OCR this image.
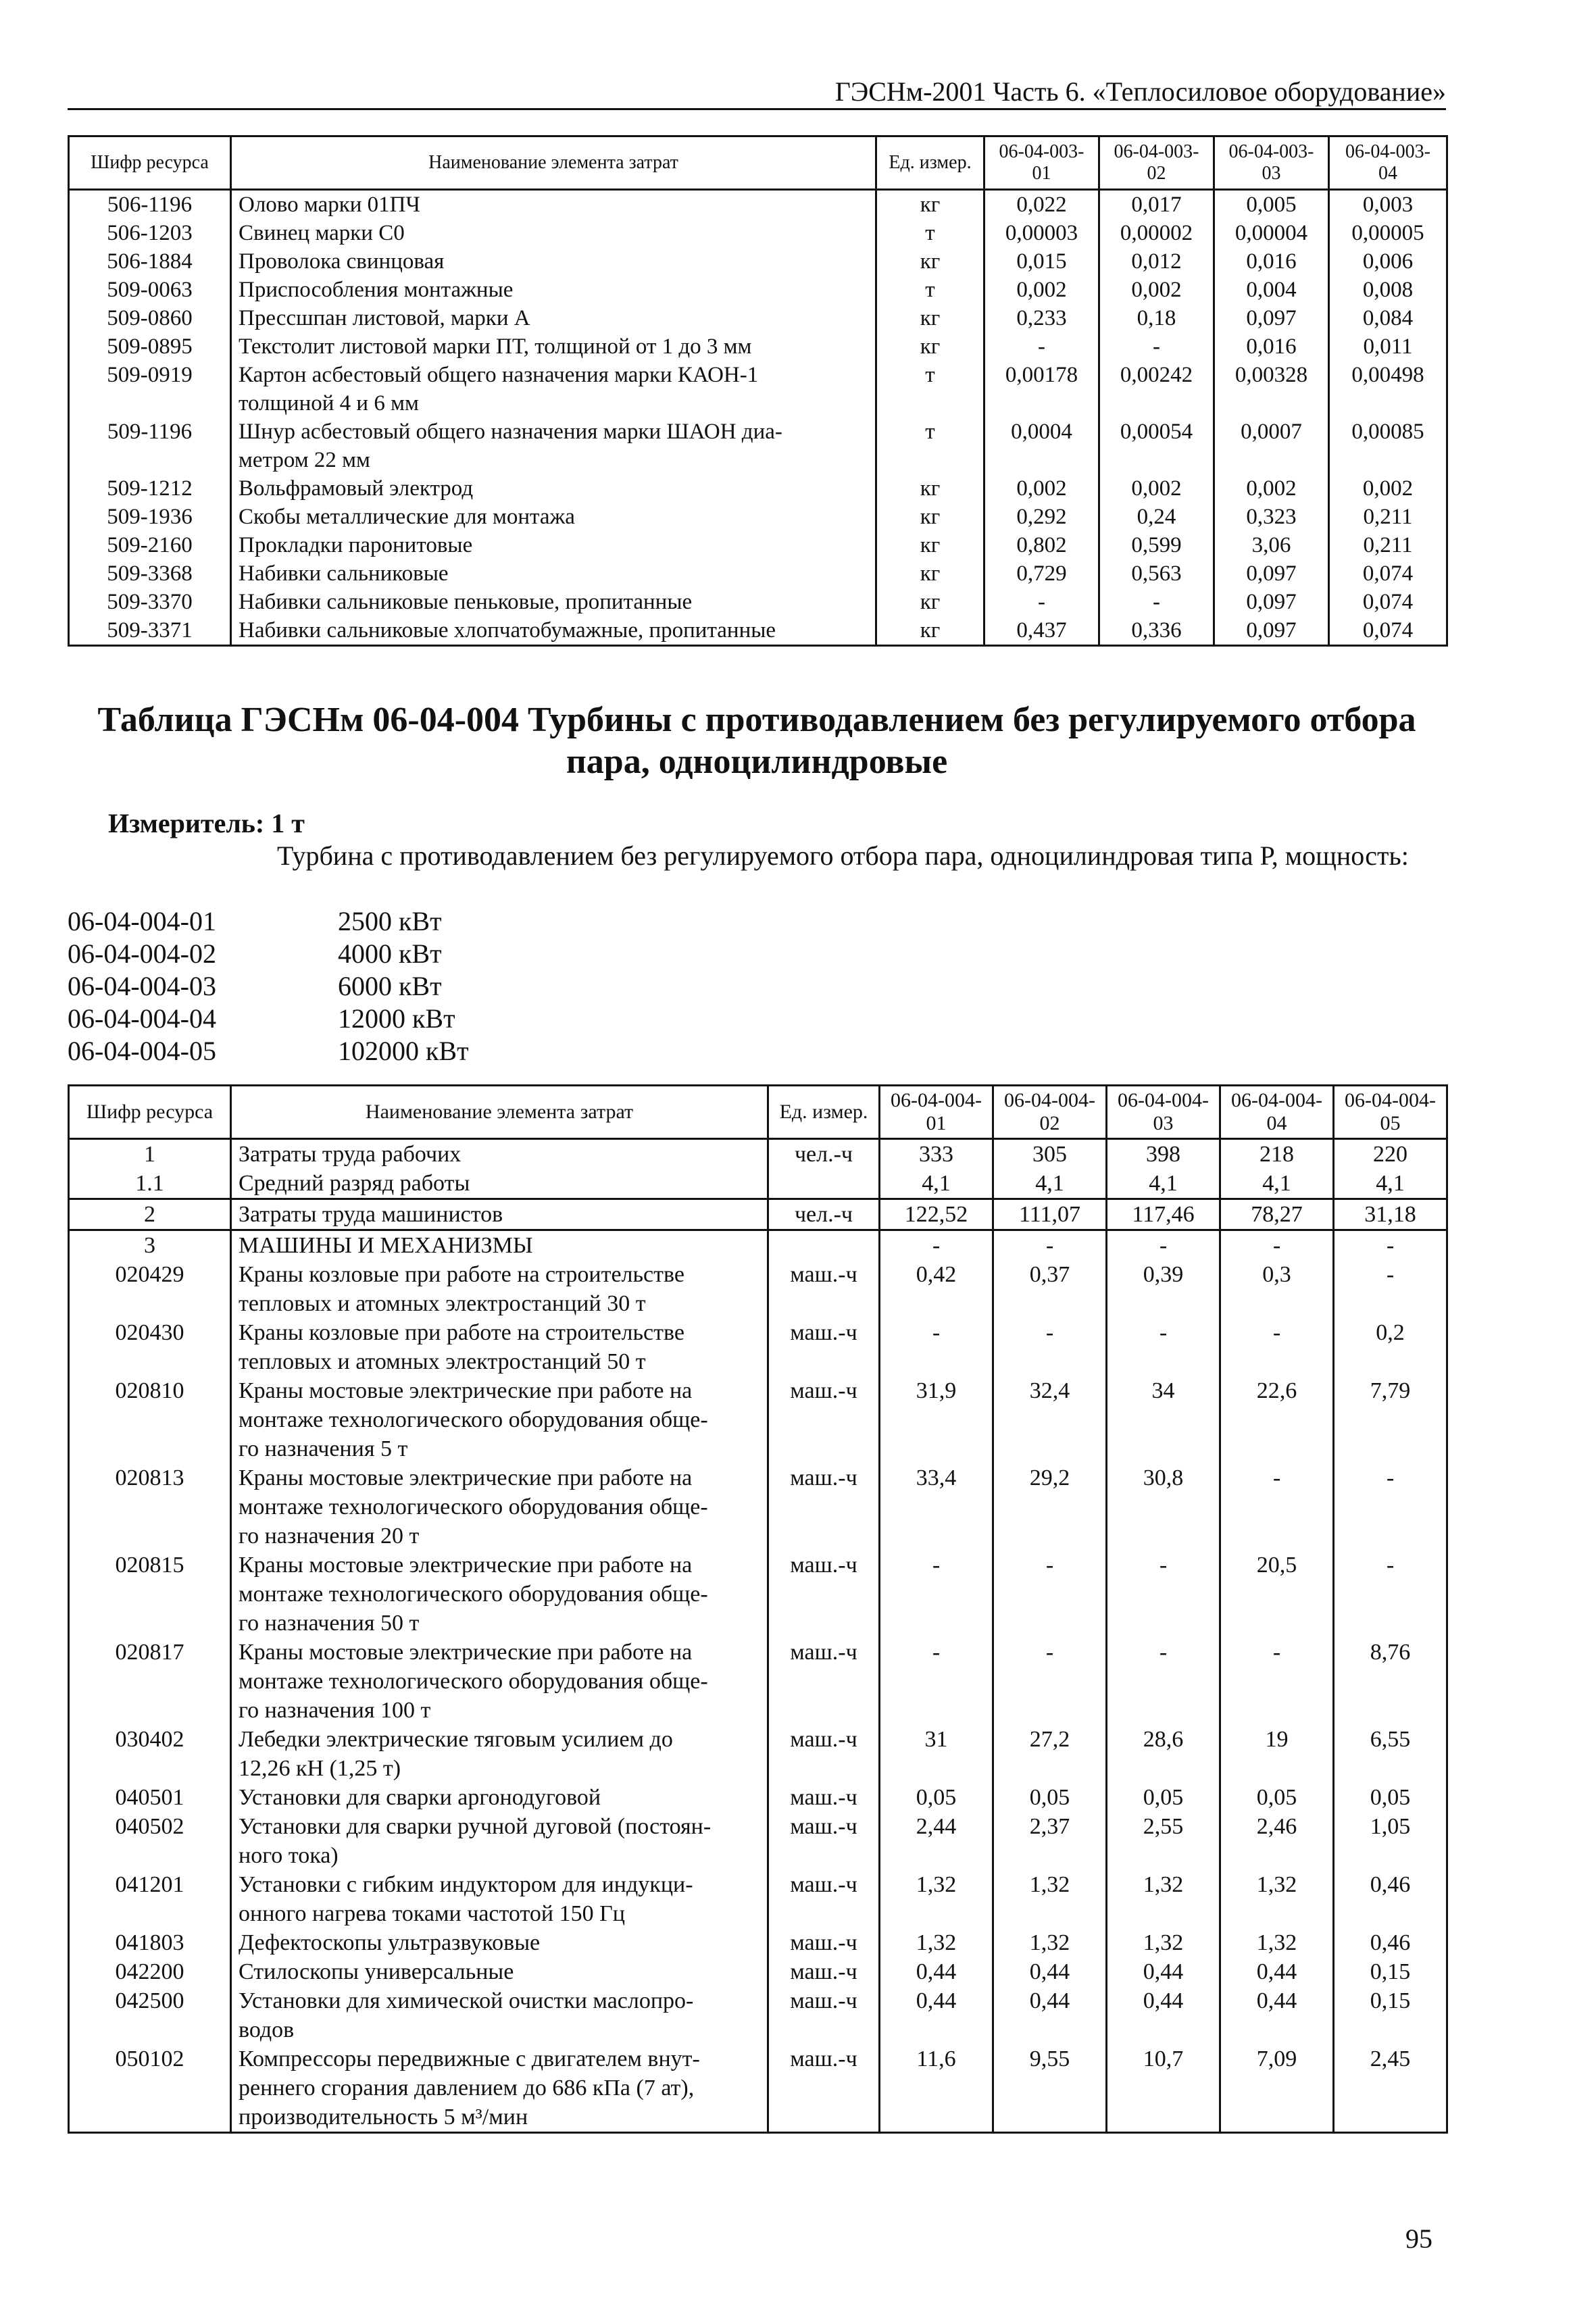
ГЭСНм-2001 Часть 6. «Теплосиловое оборудование»
Шифр ресурса	Наименование элемента затрат	Ед. измер.	06-04-003-01	06-04-003-02	06-04-003-03	06-04-003-04
506-1196	Олово марки 01ПЧ	кг	0,022	0,017	0,005	0,003
506-1203	Свинец марки С0	т	0,00003	0,00002	0,00004	0,00005
506-1884	Проволока свинцовая	кг	0,015	0,012	0,016	0,006
509-0063	Приспособления монтажные	т	0,002	0,002	0,004	0,008
509-0860	Прессшпан листовой, марки А	кг	0,233	0,18	0,097	0,084
509-0895	Текстолит листовой марки ПТ, толщиной от 1 до 3 мм	кг	-	-	0,016	0,011
509-0919	Картон асбестовый общего назначения марки КАОН-1
толщиной 4 и 6 мм	т	0,00178	0,00242	0,00328	0,00498
509-1196	Шнур асбестовый общего назначения марки ШАОН диа-
метром 22 мм	т	0,0004	0,00054	0,0007	0,00085
509-1212	Вольфрамовый электрод	кг	0,002	0,002	0,002	0,002
509-1936	Скобы металлические для монтажа	кг	0,292	0,24	0,323	0,211
509-2160	Прокладки паронитовые	кг	0,802	0,599	3,06	0,211
509-3368	Набивки сальниковые	кг	0,729	0,563	0,097	0,074
509-3370	Набивки сальниковые пеньковые, пропитанные	кг	-	-	0,097	0,074
509-3371	Набивки сальниковые хлопчатобумажные, пропитанные	кг	0,437	0,336	0,097	0,074
Таблица ГЭСНм 06-04-004 Турбины с противодавлением без регулируемого отбора пара, одноцилиндровые
Измеритель: 1 т
Турбина с противодавлением без регулируемого отбора пара, одноцилиндровая типа Р, мощность:
06-04-004-01	2500 кВт
06-04-004-02	4000 кВт
06-04-004-03	6000 кВт
06-04-004-04	12000 кВт
06-04-004-05	102000 кВт
Шифр ресурса	Наименование элемента затрат	Ед. измер.	06-04-004-01	06-04-004-02	06-04-004-03	06-04-004-04	06-04-004-05
1	Затраты труда рабочих	чел.-ч	333	305	398	218	220
1.1	Средний разряд работы		4,1	4,1	4,1	4,1	4,1
2	Затраты труда машинистов	чел.-ч	122,52	111,07	117,46	78,27	31,18
3	МАШИНЫ И МЕХАНИЗМЫ		-	-	-	-	-
020429	Краны козловые при работе на строительстве
тепловых и атомных электростанций 30 т	маш.-ч	0,42	0,37	0,39	0,3	-
020430	Краны козловые при работе на строительстве
тепловых и атомных электростанций 50 т	маш.-ч	-	-	-	-	0,2
020810	Краны мостовые электрические при работе на
монтаже технологического оборудования обще-
го назначения 5 т	маш.-ч	31,9	32,4	34	22,6	7,79
020813	Краны мостовые электрические при работе на
монтаже технологического оборудования обще-
го назначения 20 т	маш.-ч	33,4	29,2	30,8	-	-
020815	Краны мостовые электрические при работе на
монтаже технологического оборудования обще-
го назначения 50 т	маш.-ч	-	-	-	20,5	-
020817	Краны мостовые электрические при работе на
монтаже технологического оборудования обще-
го назначения 100 т	маш.-ч	-	-	-	-	8,76
030402	Лебедки электрические тяговым усилием до
12,26 кН (1,25 т)	маш.-ч	31	27,2	28,6	19	6,55
040501	Установки для сварки аргонодуговой	маш.-ч	0,05	0,05	0,05	0,05	0,05
040502	Установки для сварки ручной дуговой (постоян-
ного тока)	маш.-ч	2,44	2,37	2,55	2,46	1,05
041201	Установки с гибким индуктором для индукци-
онного нагрева токами частотой 150 Гц	маш.-ч	1,32	1,32	1,32	1,32	0,46
041803	Дефектоскопы ультразвуковые	маш.-ч	1,32	1,32	1,32	1,32	0,46
042200	Стилоскопы универсальные	маш.-ч	0,44	0,44	0,44	0,44	0,15
042500	Установки для химической очистки маслопро-
водов	маш.-ч	0,44	0,44	0,44	0,44	0,15
050102	Компрессоры передвижные с двигателем внут-
реннего сгорания давлением до 686 кПа (7 ат),
производительность 5 м³/мин	маш.-ч	11,6	9,55	10,7	7,09	2,45
95
